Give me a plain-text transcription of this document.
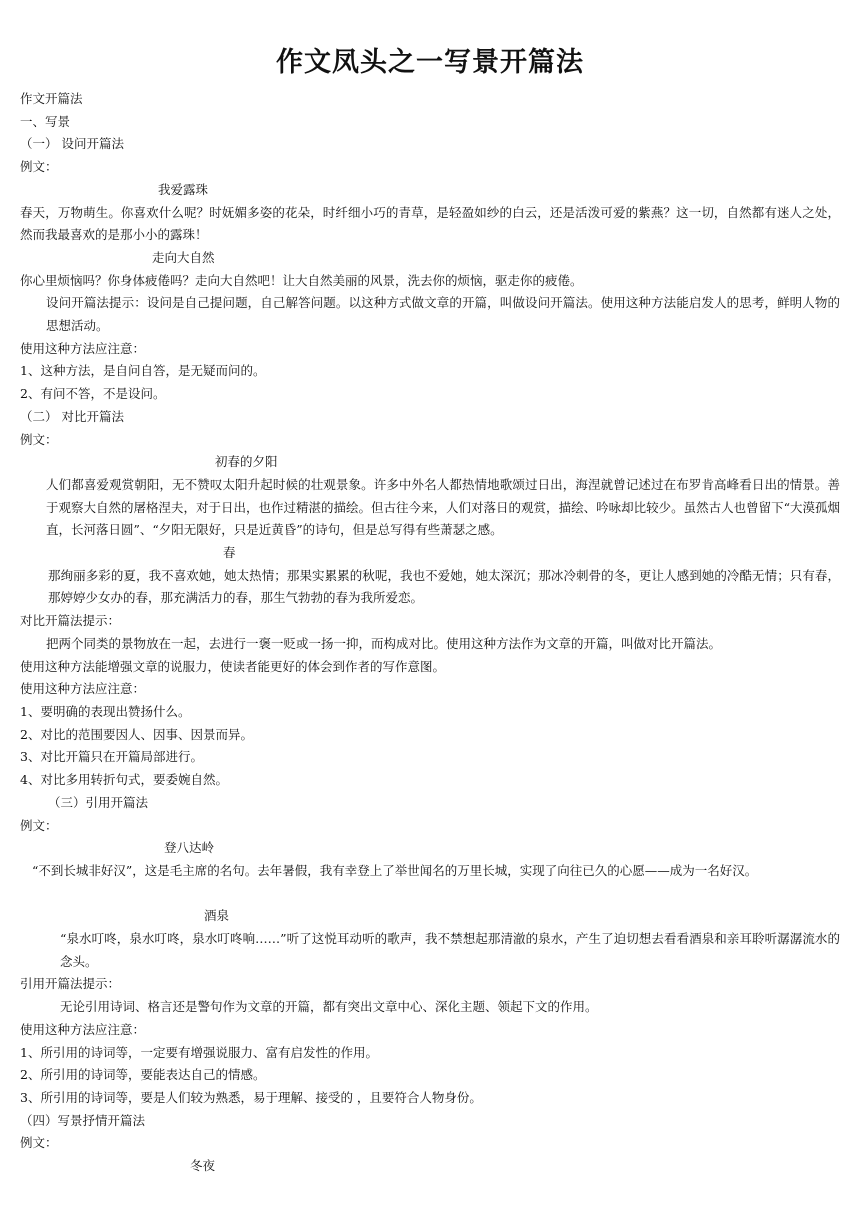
作文凤头之一写景开篇法
作文开篇法
一、写景
（一） 设问开篇法
例文：
我爱露珠
春天，万物萌生。你喜欢什么呢？时妩媚多姿的花朵，时纤细小巧的青草，是轻盈如纱的白云，还是活泼可爱的紫燕？这一切，自然都有迷人之处，然而我最喜欢的是那小小的露珠！
走向大自然
你心里烦恼吗？你身体疲倦吗？走向大自然吧！让大自然美丽的风景，洗去你的烦恼，驱走你的疲倦。
设问开篇法提示：设问是自己提问题，自己解答问题。以这种方式做文章的开篇，叫做设问开篇法。使用这种方法能启发人的思考，鲜明人物的思想活动。
使用这种方法应注意：
1、这种方法，是自问自答，是无疑而问的。
2、有问不答，不是设问。
（二） 对比开篇法
例文：
初春的夕阳
人们都喜爱观赏朝阳，无不赞叹太阳升起时候的壮观景象。许多中外名人都热情地歌颂过日出，海涅就曾记述过在布罗肯高峰看日出的情景。善于观察大自然的屠格涅夫，对于日出，也作过精湛的描绘。但古往今来，人们对落日的观赏，描绘、吟咏却比较少。虽然古人也曾留下“大漠孤烟直，长河落日圆”、“夕阳无限好，只是近黄昏”的诗句，但是总写得有些萧瑟之感。
春
那绚丽多彩的夏，我不喜欢她，她太热情；那果实累累的秋呢，我也不爱她，她太深沉；那冰冷刺骨的冬，更让人感到她的冷酷无情；只有春，那婷婷少女办的春，那充满活力的春，那生气勃勃的春为我所爱恋。
对比开篇法提示：
把两个同类的景物放在一起，去进行一褒一贬或一扬一抑，而构成对比。使用这种方法作为文章的开篇，叫做对比开篇法。
使用这种方法能增强文章的说服力，使读者能更好的体会到作者的写作意图。
使用这种方法应注意：
1、要明确的表现出赞扬什么。
2、对比的范围要因人、因事、因景而异。
3、对比开篇只在开篇局部进行。
4、对比多用转折句式，要委婉自然。
（三）引用开篇法
例文：
登八达岭
“不到长城非好汉”，这是毛主席的名句。去年暑假，我有幸登上了举世闻名的万里长城，实现了向往已久的心愿——成为一名好汉。
酒泉
“泉水叮咚，泉水叮咚，泉水叮咚响……”听了这悦耳动听的歌声，我不禁想起那清澈的泉水，产生了迫切想去看看酒泉和亲耳聆听潺潺流水的念头。
引用开篇法提示：
无论引用诗词、格言还是警句作为文章的开篇，都有突出文章中心、深化主题、领起下文的作用。
使用这种方法应注意：
1、所引用的诗词等，一定要有增强说服力、富有启发性的作用。
2、所引用的诗词等，要能表达自己的情感。
3、所引用的诗词等，要是人们较为熟悉，易于理解、接受的 ，且要符合人物身份。
（四）写景抒情开篇法
例文：
冬夜
